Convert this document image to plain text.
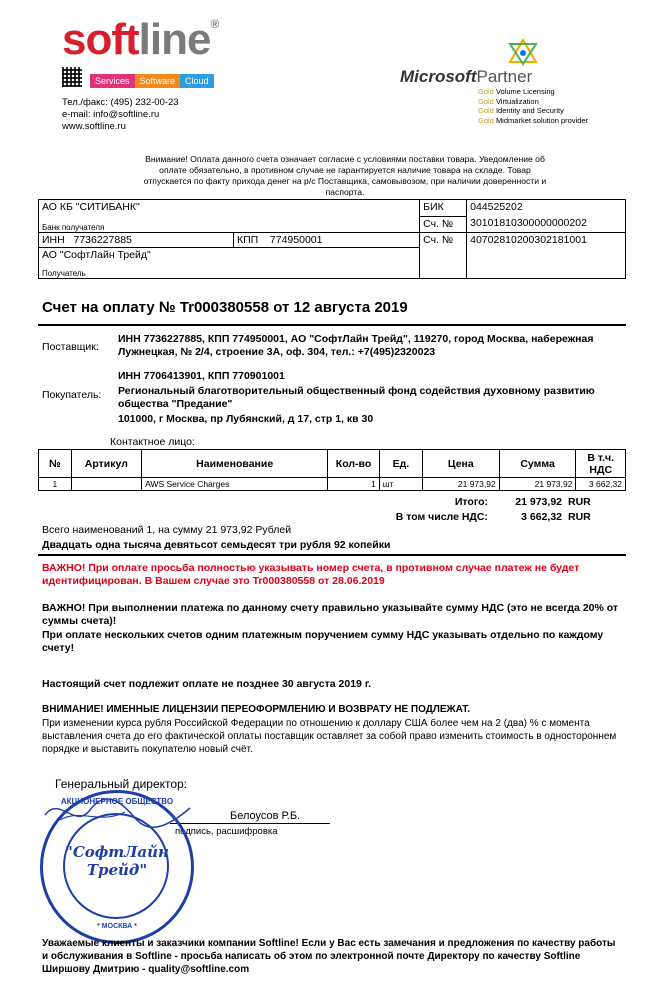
softline®
Services Software Cloud
Тел./факс: (495) 232-00-23
e-mail: info@softline.ru
www.softline.ru
MicrosoftPartner
Gold Volume Licensing
Gold Virtualization
Gold Identity and Security
Gold Midmarket solution provider
Внимание! Оплата данного счета означает согласие с условиями поставки товара. Уведомление об оплате обязательно, в противном случае не гарантируется наличие товара на складе. Товар отпускается по факту прихода денег на р/с Поставщика, самовывозом, при наличии доверенности и паспорта.
АО КБ "СИТИБАНК"
Банк получателя		БИК	044525202
		Сч. №	30101810300000000202
ИНН 7736227885	КПП 774950001	Сч. №	40702810200302181001

АО "СофтЛайн Трейд"
Получатель			
Счет на оплату № Tr000380558 от 12 августа 2019
Поставщик:
ИНН 7736227885, КПП 774950001, АО "СофтЛайн Трейд", 119270, город Москва, набережная Лужнецкая, № 2/4, строение 3А, оф. 304, тел.: +7(495)2320023
Покупатель:
ИНН 7706413901, КПП 770901001
Региональный благотворительный общественный фонд содействия духовному развитию общества "Предание"
101000, г Москва, пр Лубянский, д 17, стр 1, кв 30
Контактное лицо:
№	Артикул	Наименование	Кол-во	Ед.	Цена	Сумма	В т.ч. НДС
1		AWS Service Charges	1	шт	21 973,92	21 973,92	3 662,32
Итого:	21 973,92 RUR
В том числе НДС:	3 662,32 RUR
Всего наименований 1, на сумму 21 973,92 Рублей
Двадцать одна тысяча девятьсот семьдесят три рубля 92 копейки
ВАЖНО! При оплате просьба полностью указывать номер счета, в противном случае платеж не будет идентифицирован. В Вашем случае это Tr000380558 от 28.06.2019
ВАЖНО! При выполнении платежа по данному счету правильно указывайте сумму НДС (это не всегда 20% от суммы счета)!
При оплате нескольких счетов одним платежным поручением сумму НДС указывать отдельно по каждому счету!
Настоящий счет подлежит оплате не позднее 30 августа 2019 г.
ВНИМАНИЕ! ИМЕННЫЕ ЛИЦЕНЗИИ ПЕРЕОФОРМЛЕНИЮ И ВОЗВРАТУ НЕ ПОДЛЕЖАТ.
При изменении курса рубля Российской Федерации по отношению к доллару США более чем на 2 (два) % с момента выставления счета до его фактической оплаты поставщик оставляет за собой право изменить стоимость в одностороннем порядке и выставить покупателю новый счёт.
Генеральный директор:
Белоусов Р.Б.
подпись, расшифровка
АКЦИОНЕРНОЕ ОБЩЕСТВО
"СофтЛайн
Трейд"
* МОСКВА *
Уважаемые клиенты и заказчики компании Softline! Если у Вас есть замечания и предложения по качеству работы и обслуживания в Softline - просьба написать об этом по электронной почте Директору по качеству Softline Ширшову Дмитрию - quality@softline.com
